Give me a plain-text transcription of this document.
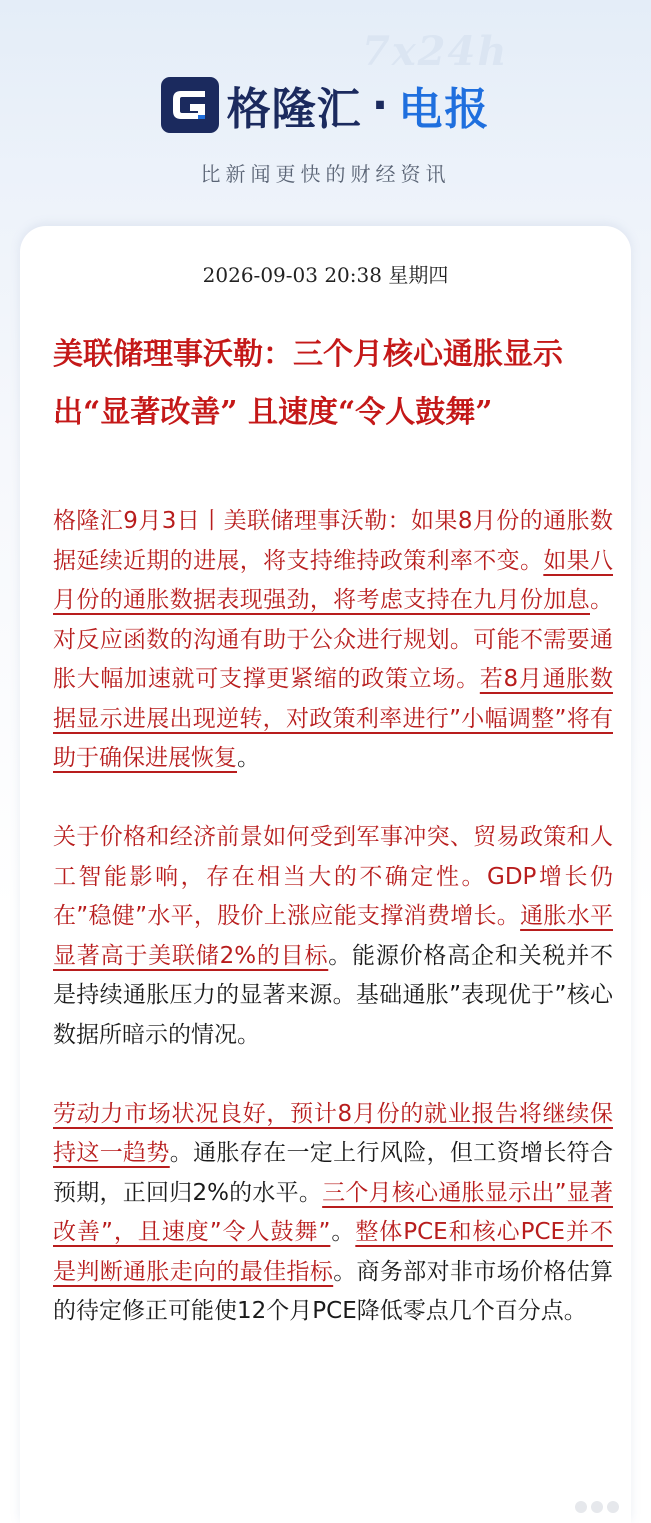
7x24h
格隆汇 · 电报
比新闻更快的财经资讯
2026-09-03 20:38 星期四
美联储理事沃勒：三个月核心通胀显示出“显著改善” 且速度“令人鼓舞”

格隆汇9月3日丨美联储理事沃勒：如果8月份的通胀数据延续近期的进展，将支持维持政策利率不变。如果八月份的通胀数据表现强劲，将考虑支持在九月份加息。对反应函数的沟通有助于公众进行规划。可能不需要通胀大幅加速就可支撑更紧缩的政策立场。若8月通胀数据显示进展出现逆转，对政策利率进行”小幅调整”将有助于确保进展恢复。

关于价格和经济前景如何受到军事冲突、贸易政策和人工智能影响，存在相当大的不确定性。GDP增长仍在”稳健”水平，股价上涨应能支撑消费增长。通胀水平显著高于美联储2%的目标。能源价格高企和关税并不是持续通胀压力的显著来源。基础通胀”表现优于”核心数据所暗示的情况。

劳动力市场状况良好，预计8月份的就业报告将继续保持这一趋势。通胀存在一定上行风险，但工资增长符合预期，正回归2%的水平。三个月核心通胀显示出”显著改善”，且速度”令人鼓舞”。整体PCE和核心PCE并不是判断通胀走向的最佳指标。商务部对非市场价格估算的待定修正可能使12个月PCE降低零点几个百分点。
